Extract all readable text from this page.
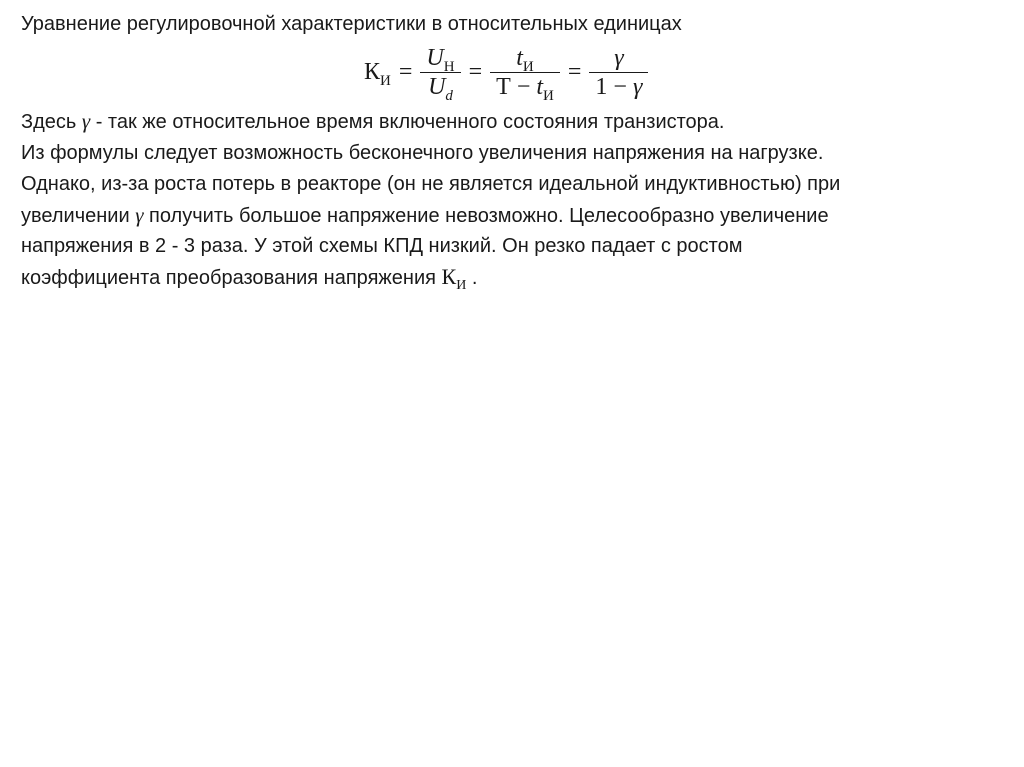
Уравнение регулировочной характеристики в относительных единицах
К $И = \frac{\text{U Н}}{\text{U d}} = \frac{\text{t И}}{\text{Т − t И}} = \frac{\gamma}{1 - \gamma}$
Здесь γ - так же относительное время включенного состояния транзистора.
Из формулы следует возможность бесконечного увеличения напряжения на нагрузке.
Однако, из-за роста потерь в реакторе (он не является идеальной индуктивностью) при
увеличении γ получить большое напряжение невозможно. Целесообразно увеличение
напряжения в 2 - 3 раза. У этой схемы КПД низкий. Он резко падает с ростом
коэффициента преобразования напряжения $К_И$ .
